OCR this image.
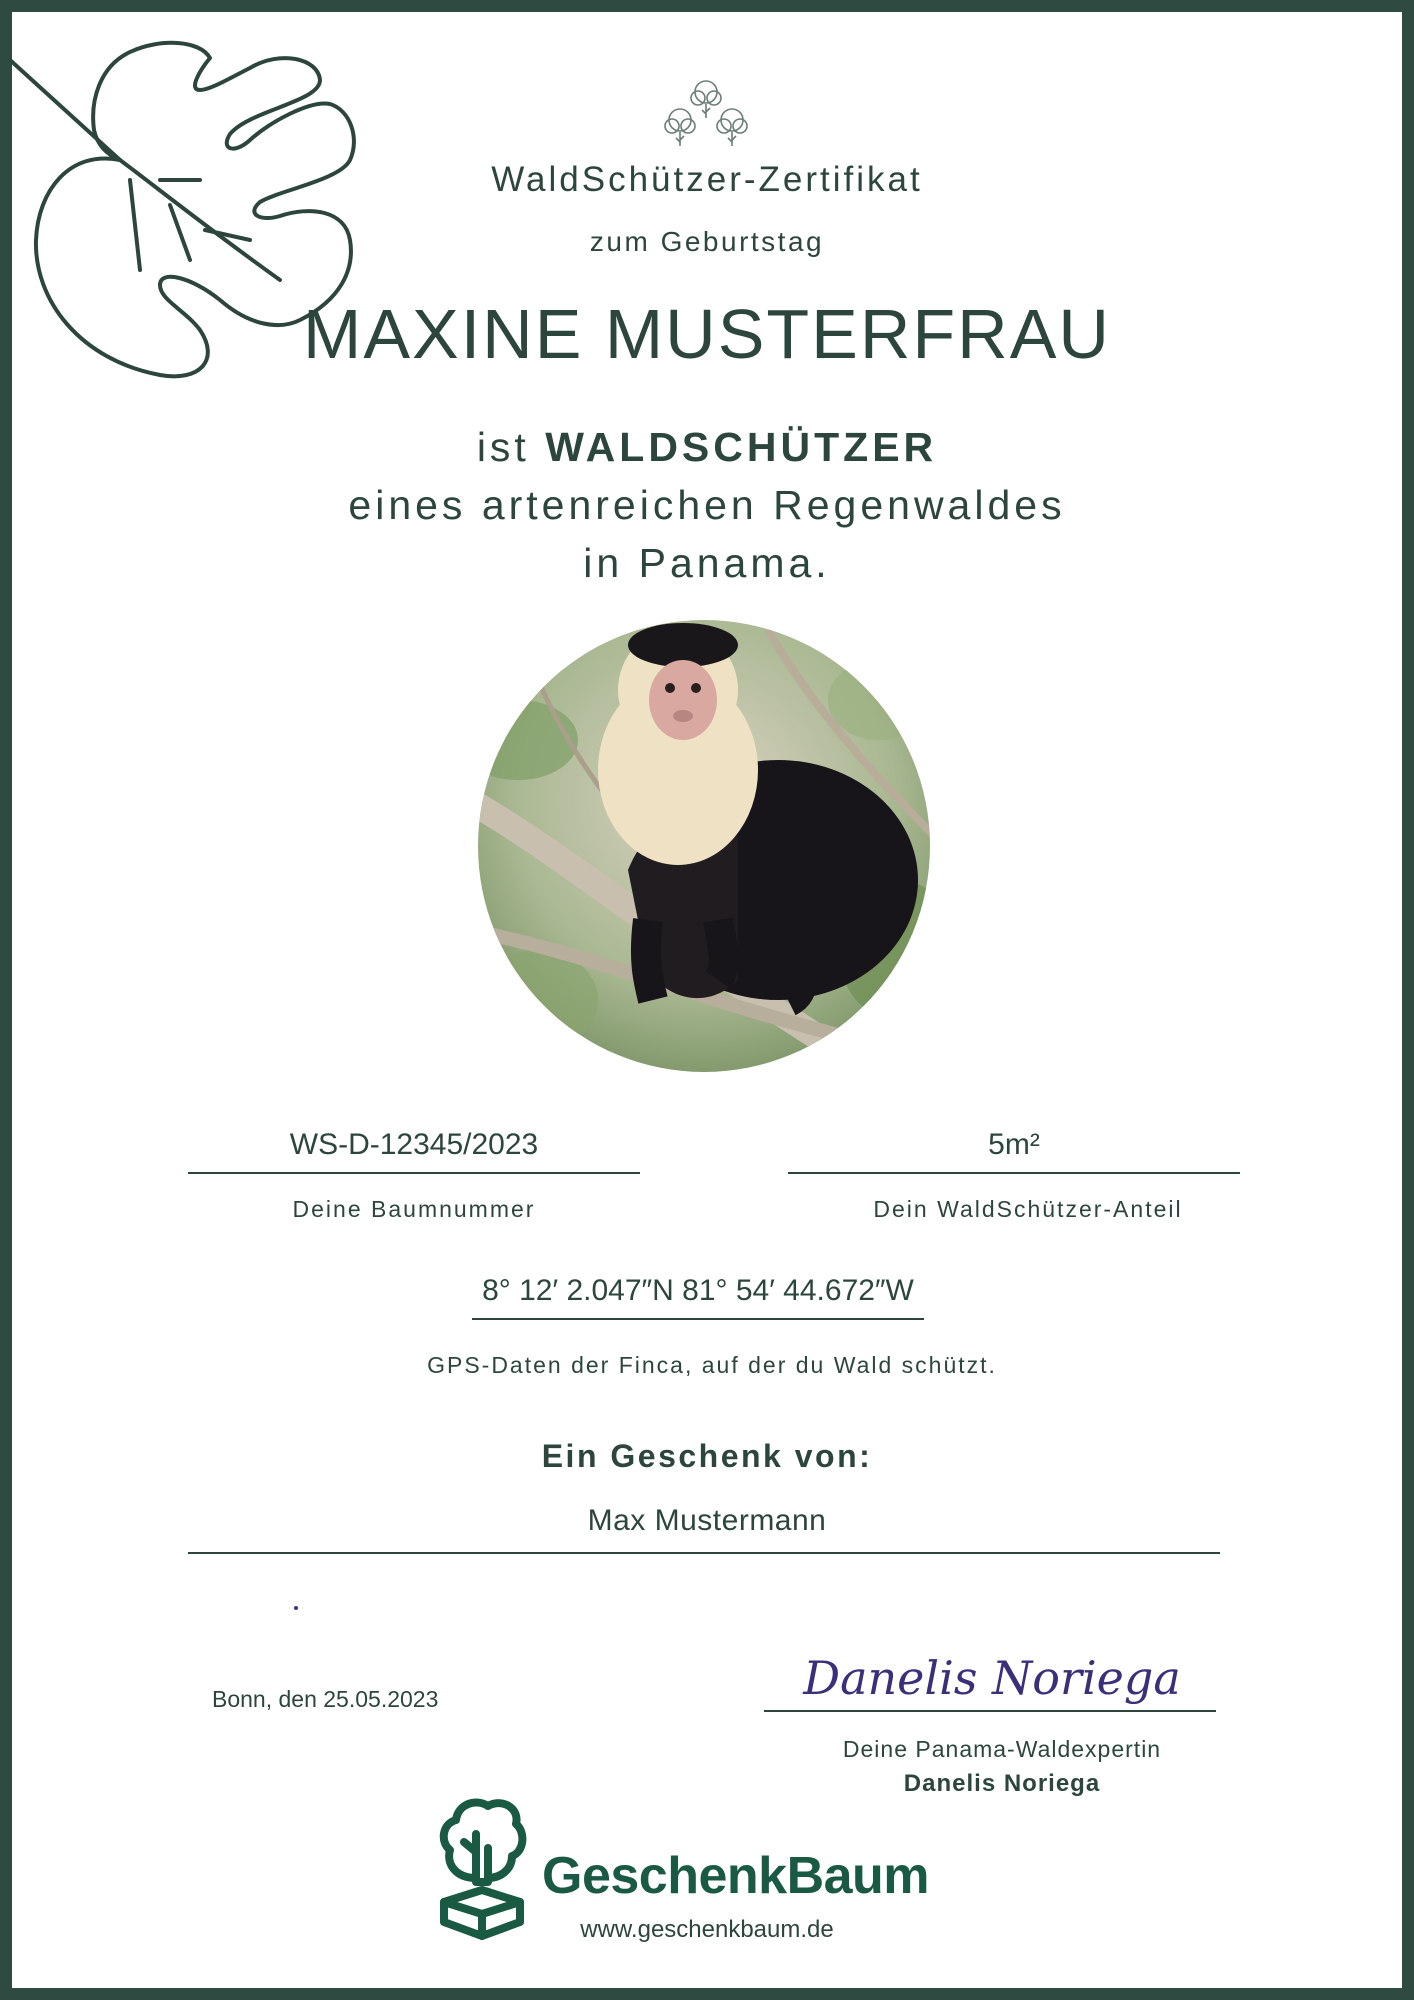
WaldSchützer-Zertifikat
zum Geburtstag
MAXINE MUSTERFRAU
ist WALDSCHÜTZER
eines artenreichen Regenwaldes
in Panama.
WS-D-12345/2023
Deine Baumnummer
5m²
Dein WaldSchützer-Anteil
8° 12′ 2.047″N 81° 54′ 44.672″W
GPS-Daten der Finca, auf der du Wald schützt.
Ein Geschenk von:
Max Mustermann
Bonn, den 25.05.2023	Danelis Noriega
Deine Panama-Waldexpertin
Danelis Noriega
GeschenkBaum
www.geschenkbaum.de
